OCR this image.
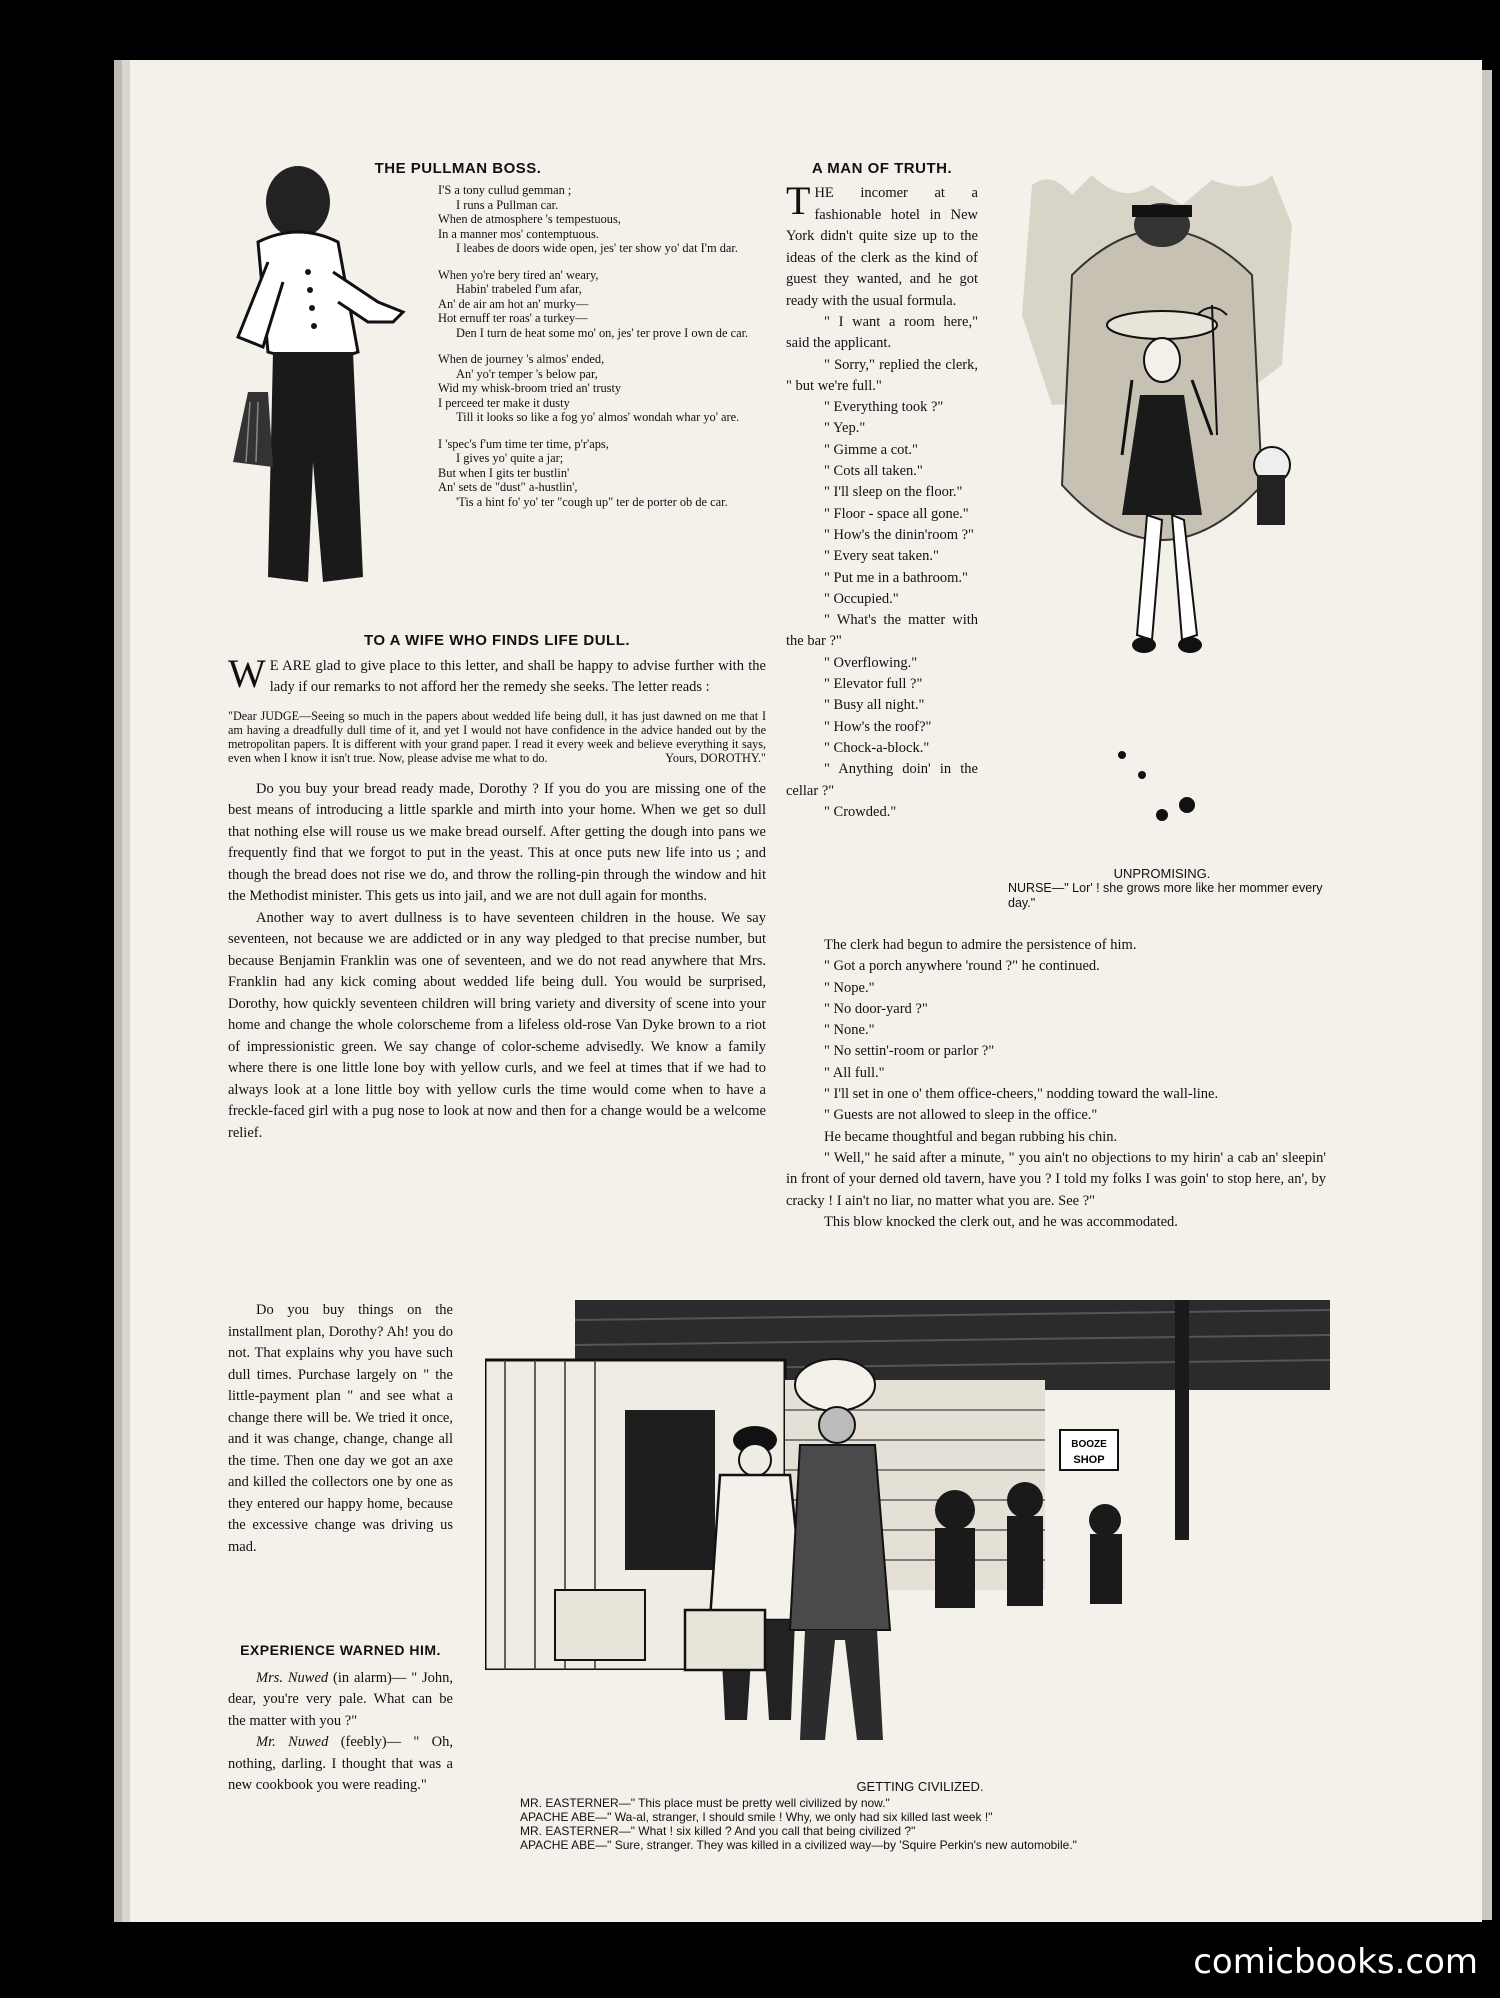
THE PULLMAN BOSS.

I'S a tony cullud gemman ;
I runs a Pullman car.
When de atmosphere 's tempestuous,
In a manner mos' contemptuous.
I leabes de doors wide open, jes' ter show yo' dat I'm dar.

When yo're bery tired an' weary,
Habin' trabeled f'um afar,
An' de air am hot an' murky—
Hot ernuff ter roas' a turkey—
Den I turn de heat some mo' on, jes' ter prove I own de car.

When de journey 's almos' ended,
An' yo'r temper 's below par,
Wid my whisk-broom tried an' trusty
I perceed ter make it dusty
Till it looks so like a fog yo' almos' wondah whar yo' are.

I 'spec's f'um time ter time, p'r'aps,
I gives yo' quite a jar;
But when I gits ter bustlin'
An' sets de "dust" a-hustlin',
'Tis a hint fo' yo' ter "cough up" ter de porter ob de car.

TO A WIFE WHO FINDS LIFE DULL.
W E ARE glad to give place to this letter, and shall be happy to advise further with the lady if our remarks to not afford her the remedy she seeks. The letter reads :
"Dear JUDGE—Seeing so much in the papers about wedded life being dull, it has just dawned on me that I am having a dreadfully dull time of it, and yet I would not have confidence in the advice handed out by the metropolitan papers. It is different with your grand paper. I read it every week and believe everything it says, even when I know it isn't true. Now, please advise me what to do.	Yours, DOROTHY."

Do you buy your bread ready made, Dorothy ? If you do you are missing one of the best means of introducing a little sparkle and mirth into your home. When we get so dull that nothing else will rouse us we make bread ourself. After getting the dough into pans we frequently find that we forgot to put in the yeast. This at once puts new life into us ; and though the bread does not rise we do, and throw the rolling-pin through the window and hit the Methodist minister. This gets us into jail, and we are not dull again for months.

Another way to avert dullness is to have seventeen children in the house. We say seventeen, not because we are addicted or in any way pledged to that precise number, but because Benjamin Franklin was one of seventeen, and we do not read anywhere that Mrs. Franklin had any kick coming about wedded life being dull. You would be surprised, Dorothy, how quickly seventeen children will bring variety and diversity of scene into your home and change the whole colorscheme from a lifeless old-rose Van Dyke brown to a riot of impressionistic green. We say change of color-scheme advisedly. We know a family where there is one little lone boy with yellow curls, and we feel at times that if we had to always look at a lone little boy with yellow curls the time would come when to have a freckle-faced girl with a pug nose to look at now and then for a change would be a welcome relief.

Do you buy things on the installment plan, Dorothy? Ah! you do not. That explains why you have such dull times. Purchase largely on " the little-payment plan " and see what a change there will be. We tried it once, and it was change, change, change all the time. Then one day we got an axe and killed the collectors one by one as they entered our happy home, because the excessive change was driving us mad.

EXPERIENCE WARNED HIM.

Mrs. Nuwed (in alarm)— " John, dear, you're very pale. What can be the matter with you ?"

Mr. Nuwed (feebly)— " Oh, nothing, darling. I thought that was a new cookbook you were reading."

A MAN OF TRUTH.
T HE incomer at a fashionable hotel in New York didn't quite size up to the ideas of the clerk as the kind of guest they wanted, and he got ready with the usual formula.

" I want a room here," said the applicant.

" Sorry," replied the clerk, " but we're full."

" Everything took ?"

" Yep."

" Gimme a cot."

" Cots all taken."

" I'll sleep on the floor."

" Floor - space all gone."

" How's the dinin'room ?"

" Every seat taken."

" Put me in a bathroom."

" Occupied."

" What's the matter with the bar ?"

" Overflowing."

" Elevator full ?"

" Busy all night."

" How's the roof?"

" Chock-a-block."

" Anything doin' in the cellar ?"

" Crowded."

The clerk had begun to admire the persistence of him.

" Got a porch anywhere 'round ?" he continued.

" Nope."

" No door-yard ?"

" None."

" No settin'-room or parlor ?"

" All full."

" I'll set in one o' them office-cheers," nodding toward the wall-line.

" Guests are not allowed to sleep in the office."

He became thoughtful and began rubbing his chin.

" Well," he said after a minute, " you ain't no objections to my hirin' a cab an' sleepin' in front of your derned old tavern, have you ? I told my folks I was goin' to stop here, an', by cracky ! I ain't no liar, no matter what you are. See ?"

This blow knocked the clerk out, and he was accommodated.

UNPROMISING.
NURSE—" Lor' ! she grows more like her mommer every day."
BOOZE
SHOP
GETTING CIVILIZED.
MR. EASTERNER—" This place must be pretty well civilized by now."
APACHE ABE—" Wa-al, stranger, I should smile ! Why, we only had six killed last week !"
MR. EASTERNER—" What ! six killed ? And you call that being civilized ?"
APACHE ABE—" Sure, stranger. They was killed in a civilized way—by 'Squire Perkin's new automobile."
comicbooks.com
